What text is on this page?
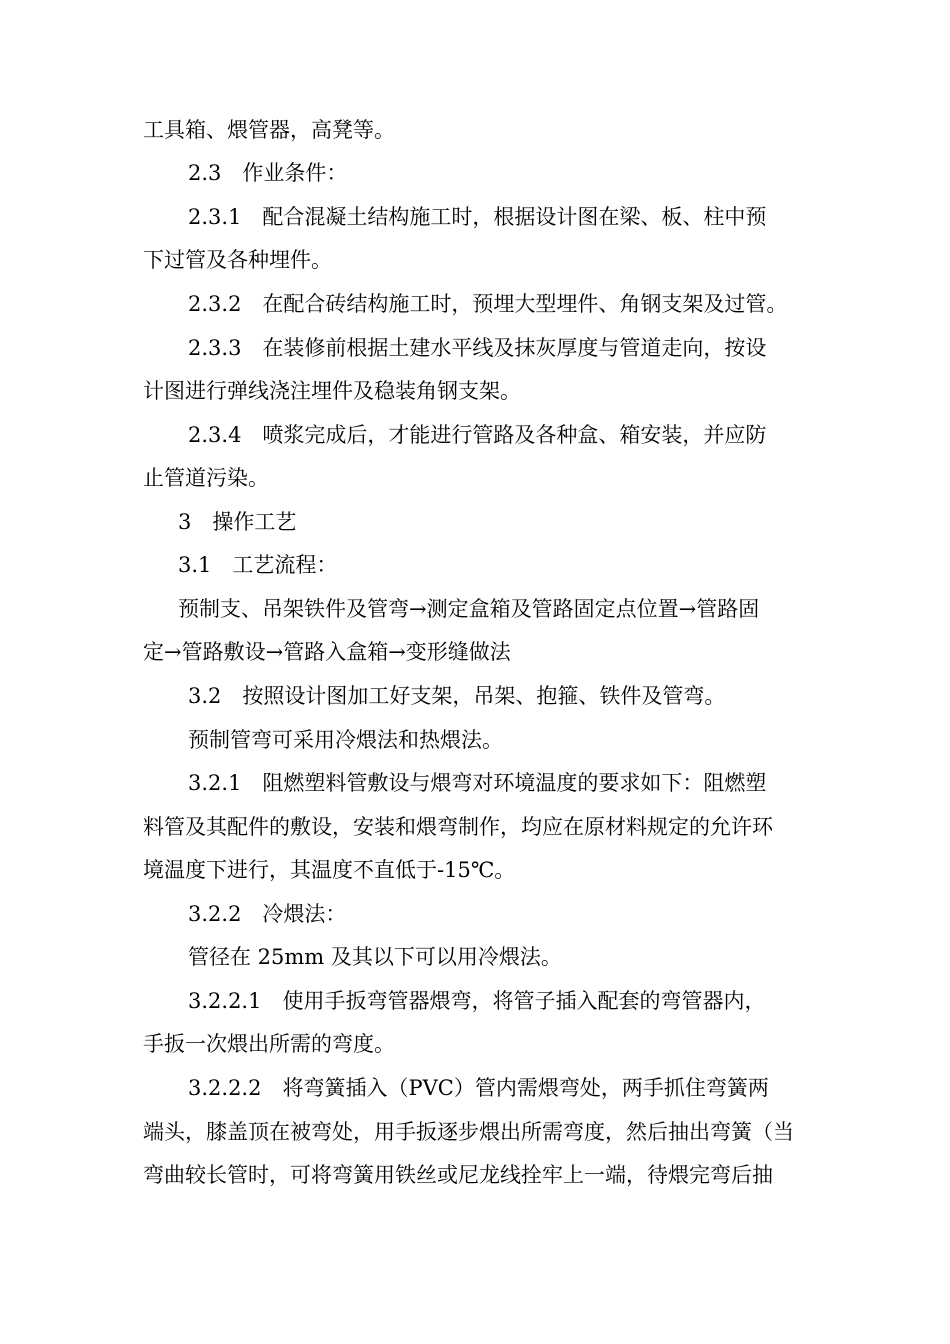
工具箱、煨管器，高凳等。
2.3　作业条件：
2.3.1　配合混凝土结构施工时，根据设计图在梁、板、柱中预
下过管及各种埋件。
2.3.2　在配合砖结构施工时，预埋大型埋件、角钢支架及过管。
2.3.3　在装修前根据土建水平线及抹灰厚度与管道走向，按设
计图进行弹线浇注埋件及稳装角钢支架。
2.3.4　喷浆完成后，才能进行管路及各种盒、箱安装，并应防
止管道污染。
3　操作工艺
3.1　工艺流程：
预制支、吊架铁件及管弯→测定盒箱及管路固定点位置→管路固
定→管路敷设→管路入盒箱→变形缝做法
3.2　按照设计图加工好支架，吊架、抱箍、铁件及管弯。
预制管弯可采用冷煨法和热煨法。
3.2.1　阻燃塑料管敷设与煨弯对环境温度的要求如下：阻燃塑
料管及其配件的敷设，安装和煨弯制作，均应在原材料规定的允许环
境温度下进行，其温度不直低于-15℃。
3.2.2　冷煨法：
管径在 25mm 及其以下可以用冷煨法。
3.2.2.1　使用手扳弯管器煨弯，将管子插入配套的弯管器内，
手扳一次煨出所需的弯度。
3.2.2.2　将弯簧插入（PVC）管内需煨弯处，两手抓住弯簧两
端头，膝盖顶在被弯处，用手扳逐步煨出所需弯度，然后抽出弯簧（当
弯曲较长管时，可将弯簧用铁丝或尼龙线拴牢上一端，待煨完弯后抽
